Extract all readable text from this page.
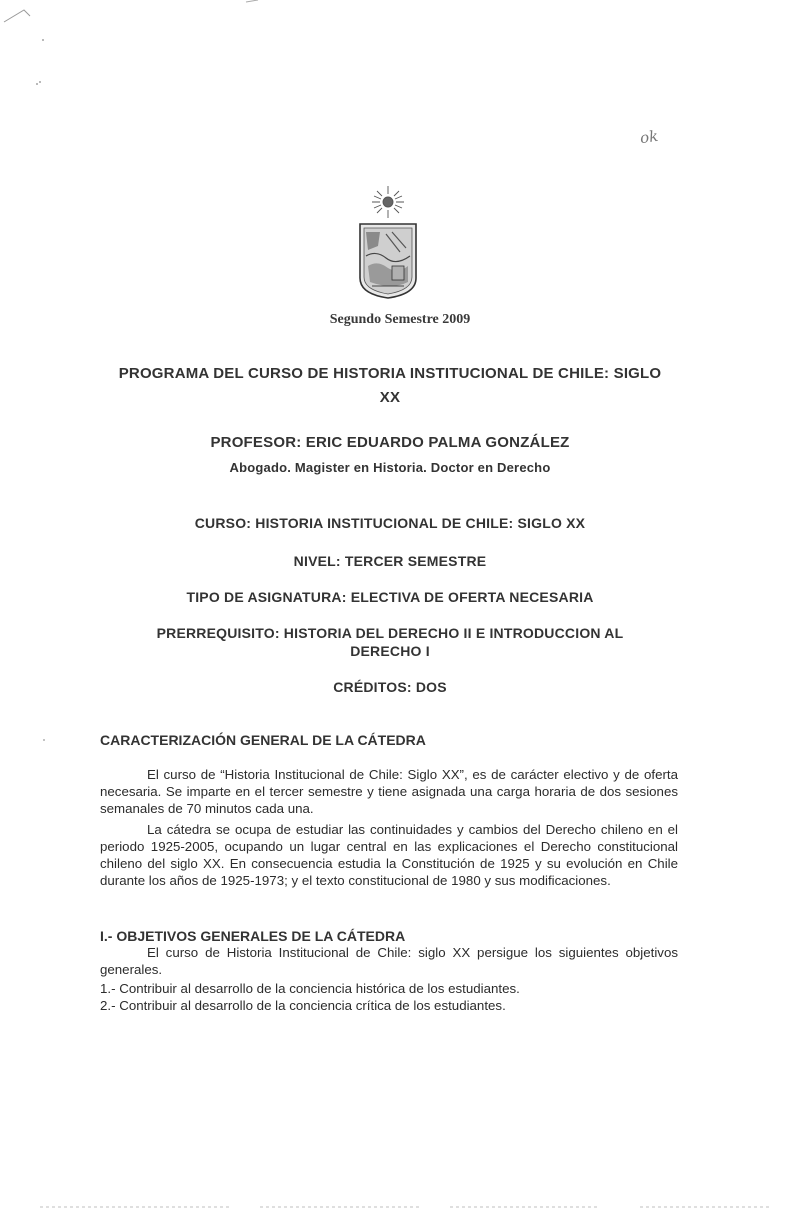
ok
Segundo Semestre 2009
PROGRAMA DEL CURSO DE HISTORIA INSTITUCIONAL DE CHILE: SIGLO
XX
PROFESOR: ERIC EDUARDO PALMA GONZÁLEZ
Abogado. Magister en Historia. Doctor en Derecho
CURSO: HISTORIA INSTITUCIONAL DE CHILE: SIGLO XX
NIVEL: TERCER SEMESTRE
TIPO DE ASIGNATURA: ELECTIVA DE OFERTA NECESARIA
PRERREQUISITO: HISTORIA DEL DERECHO II E INTRODUCCION AL
DERECHO I
CRÉDITOS: DOS
CARACTERIZACIÓN GENERAL DE LA CÁTEDRA

El curso de “Historia Institucional de Chile: Siglo XX”, es de carácter electivo y de oferta necesaria. Se imparte en el tercer semestre y tiene asignada una carga horaria de dos sesiones semanales de 70 minutos cada una.

La cátedra se ocupa de estudiar las continuidades y cambios del Derecho chileno en el periodo 1925-2005, ocupando un lugar central en las explicaciones el Derecho constitucional chileno del siglo XX. En consecuencia estudia la Constitución de 1925 y su evolución en Chile durante los años de 1925-1973; y el texto constitucional de 1980 y sus modificaciones.

I.- OBJETIVOS GENERALES DE LA CÁTEDRA

El curso de Historia Institucional de Chile: siglo XX persigue los siguientes objetivos generales.

1.- Contribuir al desarrollo de la conciencia histórica de los estudiantes.
2.- Contribuir al desarrollo de la conciencia crítica de los estudiantes.
